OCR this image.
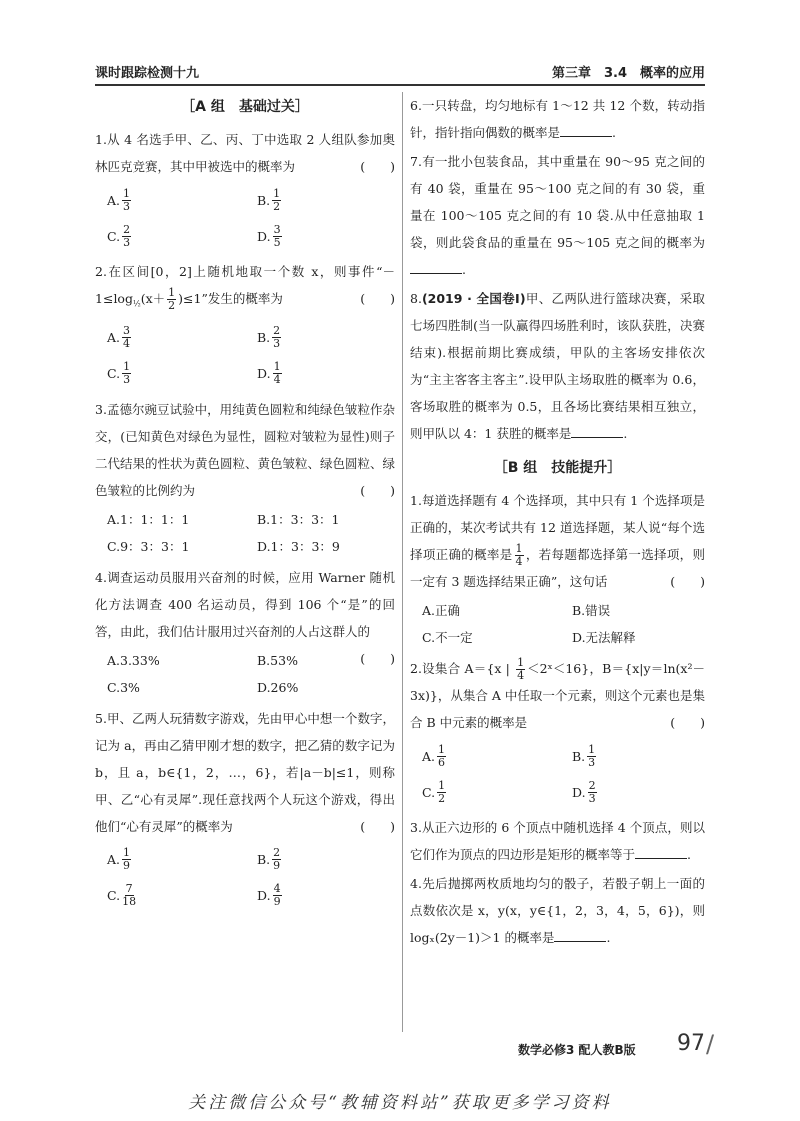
课时跟踪检测十九	第三章　3.4　概率的应用
［A 组　基础过关］

1.从 4 名选手甲、乙、丙、丁中选取 2 人组队参加奥林匹克竞赛，其中甲被选中的概率为	(　　)

A. $\frac{1}{3}$	B. $\frac{1}{2}$
C. $\frac{2}{3}$	D. $\frac{3}{5}$

2.在区间[0，2]上随机地取一个数 x，则事件“$-1\le\log_{\frac{1}{2}}(x+ \frac{1}{2} )\le 1$”发生的概率为	(　　)

A. $\frac{3}{4}$	B. $\frac{2}{3}$
C. $\frac{1}{3}$	D. $\frac{1}{4}$

3.孟德尔豌豆试验中，用纯黄色圆粒和纯绿色皱粒作杂交，(已知黄色对绿色为显性，圆粒对皱粒为显性)则子二代结果的性状为黄色圆粒、黄色皱粒、绿色圆粒、绿色皱粒的比例约为	(　　)

A.1：1：1：1	B.1：3：3：1
C.9：3：3：1	D.1：3：3：9

4.调查运动员服用兴奋剂的时候，应用 Warner 随机化方法调查 400 名运动员，得到 106 个“是”的回答，由此，我们估计服用过兴奋剂的人占这群人的
(　　)

A.3.33%	B.53%
C.3%	D.26%

5.甲、乙两人玩猜数字游戏，先由甲心中想一个数字，记为 a，再由乙猜甲刚才想的数字，把乙猜的数字记为 b，且 a，b∈{1，2，…，6}，若|a－b|≤1，则称甲、乙“心有灵犀”.现任意找两个人玩这个游戏，得出他们“心有灵犀”的概率为	(　　)

A. $\frac{1}{9}$	B. $\frac{2}{9}$
C. $\frac{7}{18}$	D. $\frac{4}{9}$

6.一只转盘，均匀地标有 1～12 共 12 个数，转动指针，指针指向偶数的概率是	.

7.有一批小包装食品，其中重量在 90～95 克之间的有 40 袋，重量在 95～100 克之间的有 30 袋，重量在 100～105 克之间的有 10 袋.从中任意抽取 1 袋，则此袋食品的重量在 95～105 克之间的概率为.

8.(2019 · 全国卷Ⅰ)甲、乙两队进行篮球决赛，采取七场四胜制(当一队赢得四场胜利时，该队获胜，决赛结束).根据前期比赛成绩，甲队的主客场安排依次为“主主客客主客主”.设甲队主场取胜的概率为 0.6，客场取胜的概率为 0.5，且各场比赛结果相互独立，则甲队以 4：1 获胜的概率是	.

［B 组　技能提升］

1.每道选择题有 4 个选择项，其中只有 1 个选择项是正确的，某次考试共有 12 道选择题，某人说“每个选择项正确的概率是 $\frac{1}{4}$ ，若每题都选择第一选择项，则一定有 3 题选择结果正确”，这句话	(　　)

A.正确	B.错误
C.不一定	D.无法解释

2.设集合 A＝{x | $\frac{1}{4}$ ＜2ˣ＜16}，B＝{x|y＝ln(x²－3x)}，从集合 A 中任取一个元素，则这个元素也是集合 B 中元素的概率是	(　　)

A. $\frac{1}{6}$	B. $\frac{1}{3}$
C. $\frac{1}{2}$	D. $\frac{2}{3}$

3.从正六边形的 6 个顶点中随机选择 4 个顶点，则以它们作为顶点的四边形是矩形的概率等于	.

4.先后抛掷两枚质地均匀的骰子，若骰子朝上一面的点数依次是 x，y(x，y∈{1，2，3，4，5，6})，则 logₓ(2y－1)＞1 的概率是	.

数学必修3 配人教B版 97 /
关注微信公众号“教辅资料站”获取更多学习资料
